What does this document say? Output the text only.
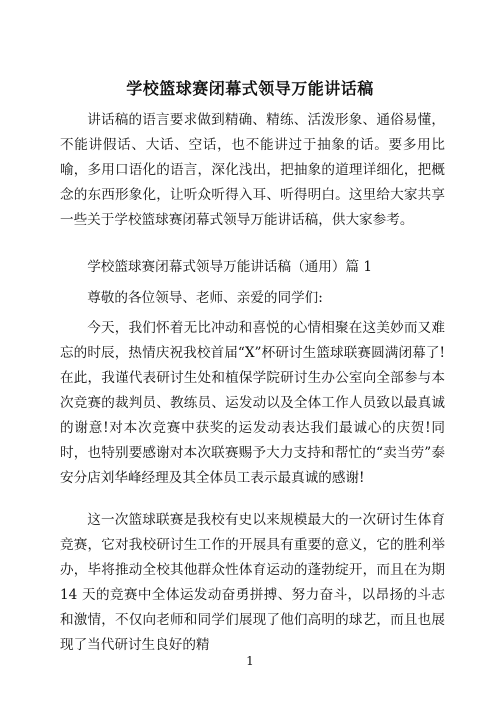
学校篮球赛闭幕式领导万能讲话稿

讲话稿的语言要求做到精确、精练、活泼形象、通俗易懂，不能讲假话、大话、空话，也不能讲过于抽象的话。要多用比喻，多用口语化的语言，深化浅出，把抽象的道理详细化，把概念的东西形象化，让听众听得入耳、听得明白。这里给大家共享一些关于学校篮球赛闭幕式领导万能讲话稿，供大家参考。

学校篮球赛闭幕式领导万能讲话稿（通用）篇 1

尊敬的各位领导、老师、亲爱的同学们:

今天，我们怀着无比冲动和喜悦的心情相聚在这美妙而又难忘的时辰，热情庆祝我校首届“X”杯研讨生篮球联赛圆满闭幕了!在此，我谨代表研讨生处和植保学院研讨生办公室向全部参与本次竞赛的裁判员、教练员、运发动以及全体工作人员致以最真诚的谢意!对本次竞赛中获奖的运发动表达我们最诚心的庆贺!同时，也特别要感谢对本次联赛赐予大力支持和帮忙的“卖当劳”泰安分店刘华峰经理及其全体员工表示最真诚的感谢!

这一次篮球联赛是我校有史以来规模最大的一次研讨生体育竞赛，它对我校研讨生工作的开展具有重要的意义，它的胜利举办，毕将推动全校其他群众性体育运动的蓬勃绽开，而且在为期 14 天的竞赛中全体运发动奋勇拼搏、努力奋斗，以昂扬的斗志和激情，不仅向老师和同学们展现了他们高明的球艺，而且也展现了当代研讨生良好的精

1
